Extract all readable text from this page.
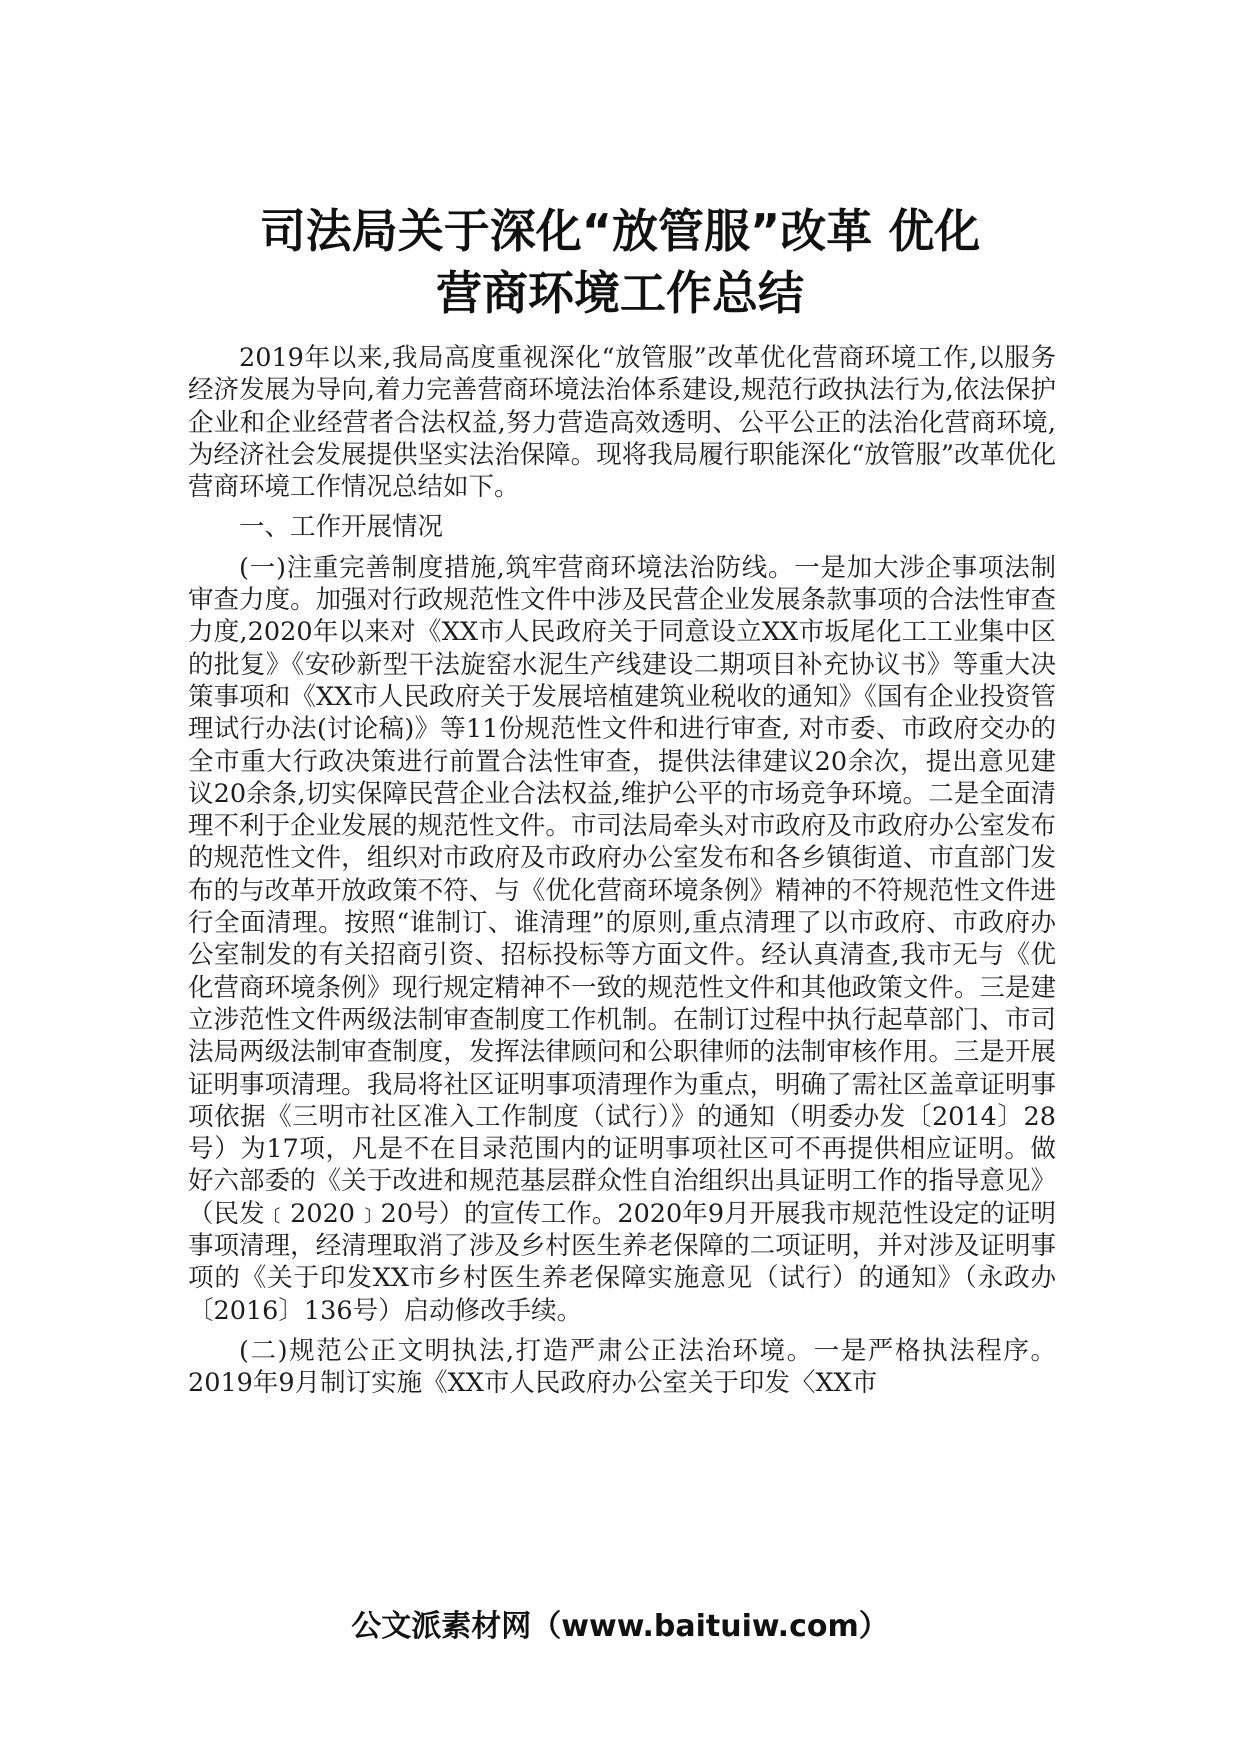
司法局关于深化“放管服”改革 优化
营商环境工作总结

2019年以来,我局高度重视深化“放管服”改革优化营商环境工作,以服务经济发展为导向,着力完善营商环境法治体系建设,规范行政执法行为,依法保护企业和企业经营者合法权益,努力营造高效透明、公平公正的法治化营商环境,为经济社会发展提供坚实法治保障。现将我局履行职能深化“放管服”改革优化营商环境工作情况总结如下。

一、工作开展情况

(一)注重完善制度措施,筑牢营商环境法治防线。一是加大涉企事项法制审查力度。加强对行政规范性文件中涉及民营企业发展条款事项的合法性审查力度,2020年以来对《XX市人民政府关于同意设立XX市坂尾化工工业集中区的批复》《安砂新型干法旋窑水泥生产线建设二期项目补充协议书》等重大决策事项和《XX市人民政府关于发展培植建筑业税收的通知》《国有企业投资管理试行办法(讨论稿)》等11份规范性文件和进行审查, 对市委、市政府交办的全市重大行政决策进行前置合法性审查，提供法律建议20余次，提出意见建议20余条,切实保障民营企业合法权益,维护公平的市场竞争环境。二是全面清理不利于企业发展的规范性文件。市司法局牵头对市政府及市政府办公室发布的规范性文件，组织对市政府及市政府办公室发布和各乡镇街道、市直部门发布的与改革开放政策不符、与《优化营商环境条例》精神的不符规范性文件进行全面清理。按照“谁制订、谁清理”的原则,重点清理了以市政府、市政府办公室制发的有关招商引资、招标投标等方面文件。经认真清查,我市无与《优化营商环境条例》现行规定精神不一致的规范性文件和其他政策文件。三是建立涉范性文件两级法制审查制度工作机制。在制订过程中执行起草部门、市司法局两级法制审查制度，发挥法律顾问和公职律师的法制审核作用。三是开展证明事项清理。我局将社区证明事项清理作为重点，明确了需社区盖章证明事项依据《三明市社区准入工作制度（试行）》的通知（明委办发〔2014〕28号）为17项，凡是不在目录范围内的证明事项社区可不再提供相应证明。做好六部委的《关于改进和规范基层群众性自治组织出具证明工作的指导意见》（民发﹝2020﹞20号）的宣传工作。2020年9月开展我市规范性设定的证明事项清理，经清理取消了涉及乡村医生养老保障的二项证明，并对涉及证明事项的《关于印发XX市乡村医生养老保障实施意见（试行）的通知》（永政办〔2016〕136号）启动修改手续。

(二)规范公正文明执法,打造严肃公正法治环境。一是严格执法程序。2019年9月制订实施《XX市人民政府办公室关于印发〈XX市

公文派素材网（www.baituiw.com）
